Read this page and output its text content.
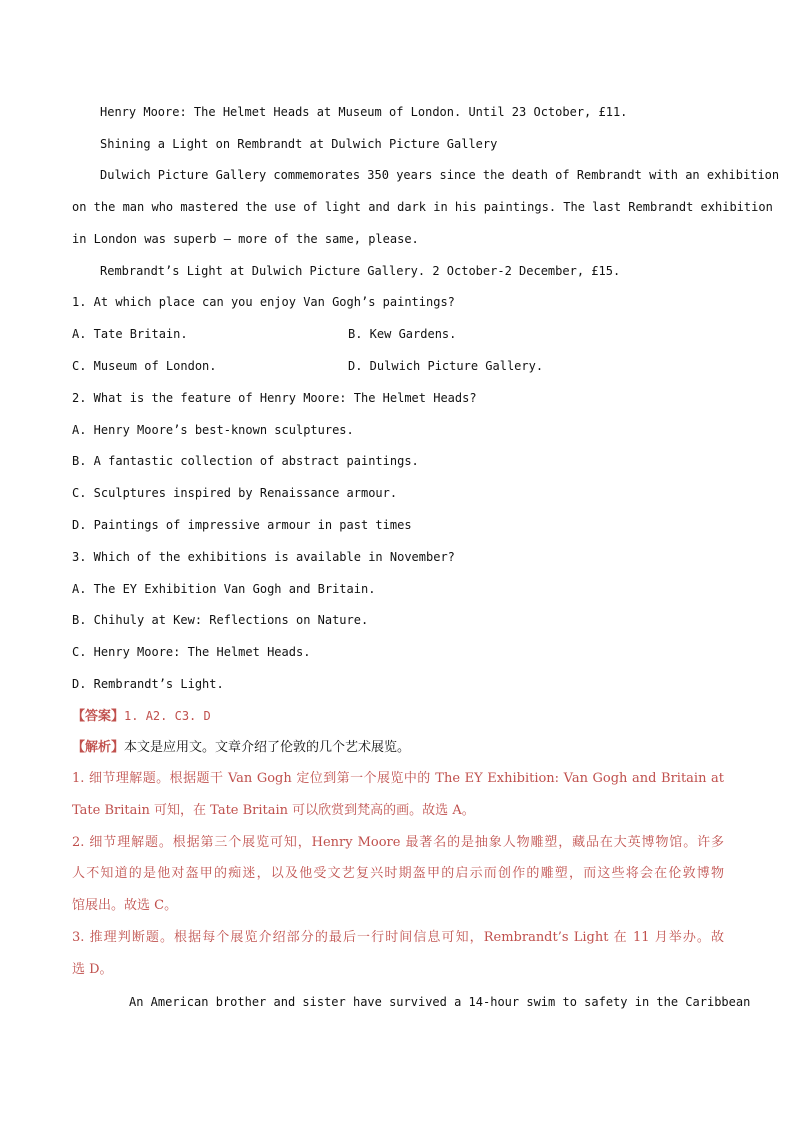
Henry Moore: The Helmet Heads at Museum of London. Until 23 October, £11.
Shining a Light on Rembrandt at Dulwich Picture Gallery
Dulwich Picture Gallery commemorates 350 years since the death of Rembrandt with an exhibition
on the man who mastered the use of light and dark in his paintings. The last Rembrandt exhibition
in London was superb — more of the same, please.
Rembrandt’s Light at Dulwich Picture Gallery. 2 October-2 December, £15.
1. At which place can you enjoy Van Gogh’s paintings?
A. Tate Britain.	B. Kew Gardens.
C. Museum of London.	D. Dulwich Picture Gallery.
2. What is the feature of Henry Moore: The Helmet Heads?
A. Henry Moore’s best-known sculptures.
B. A fantastic collection of abstract paintings.
C. Sculptures inspired by Renaissance armour.
D. Paintings of impressive armour in past times
3. Which of the exhibitions is available in November?
A. The EY Exhibition Van Gogh and Britain.
B. Chihuly at Kew: Reflections on Nature.
C. Henry Moore: The Helmet Heads.
D. Rembrandt’s Light.
【答案】1. A2. C3. D
【解析】本文是应用文。文章介绍了伦敦的几个艺术展览。
1. 细节理解题。根据题干 Van Gogh 定位到第一个展览中的 The EY Exhibition: Van Gogh and Britain at
Tate Britain 可知，在 Tate Britain 可以欣赏到梵高的画。故选 A。
2. 细节理解题。根据第三个展览可知，Henry Moore 最著名的是抽象人物雕塑，藏品在大英博物馆。许多
人不知道的是他对盔甲的痴迷，以及他受文艺复兴时期盔甲的启示而创作的雕塑，而这些将会在伦敦博物
馆展出。故选 C。
3. 推理判断题。根据每个展览介绍部分的最后一行时间信息可知，Rembrandt’s Light 在 11 月举办。故
选 D。
An American brother and sister have survived a 14-hour swim to safety in the Caribbean
